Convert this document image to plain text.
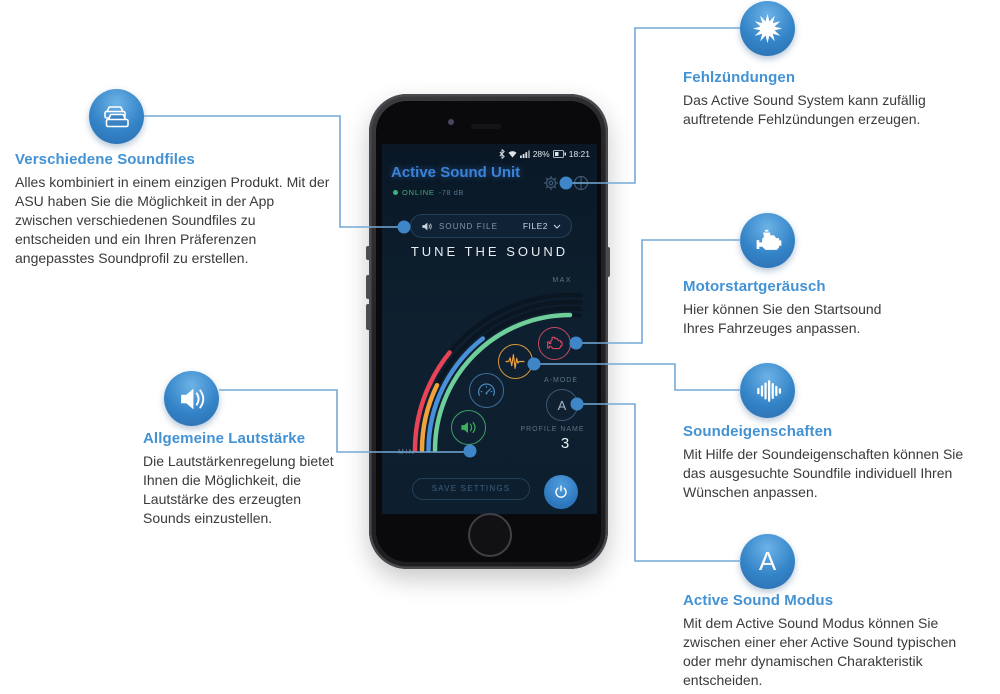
Fehlzündungen
Das Active Sound System kann zufällig auftretende Fehlzündungen erzeugen.
Verschiedene Soundfiles
Alles kombiniert in einem einzigen Produkt. Mit der ASU haben Sie die Möglichkeit in der App zwischen verschiedenen Soundfiles zu entscheiden und ein Ihren Präferenzen angepasstes Soundprofil zu erstellen.
Motorstartgeräusch
Hier können Sie den Startsound Ihres Fahrzeuges anpassen.
Soundeigenschaften
Mit Hilfe der Soundeigenschaften können Sie das ausgesuchte Soundfile individuell Ihren Wünschen anpassen.
A
Active Sound Modus
Mit dem Active Sound Modus können Sie zwischen einer eher Active Sound typischen oder mehr dynamischen Charakteristik entscheiden.
Allgemeine Lautstärke
Die Lautstärkenregelung bietet Ihnen die Möglichkeit, die Lautstärke des erzeugten Sounds einzustellen.
28% 18:21
Active Sound Unit
ONLINE -78 dB
SOUND FILE	FILE2
TUNE THE SOUND
MAX
MIN
A-MODE
A
PROFILE NAME
3
SAVE SETTINGS
